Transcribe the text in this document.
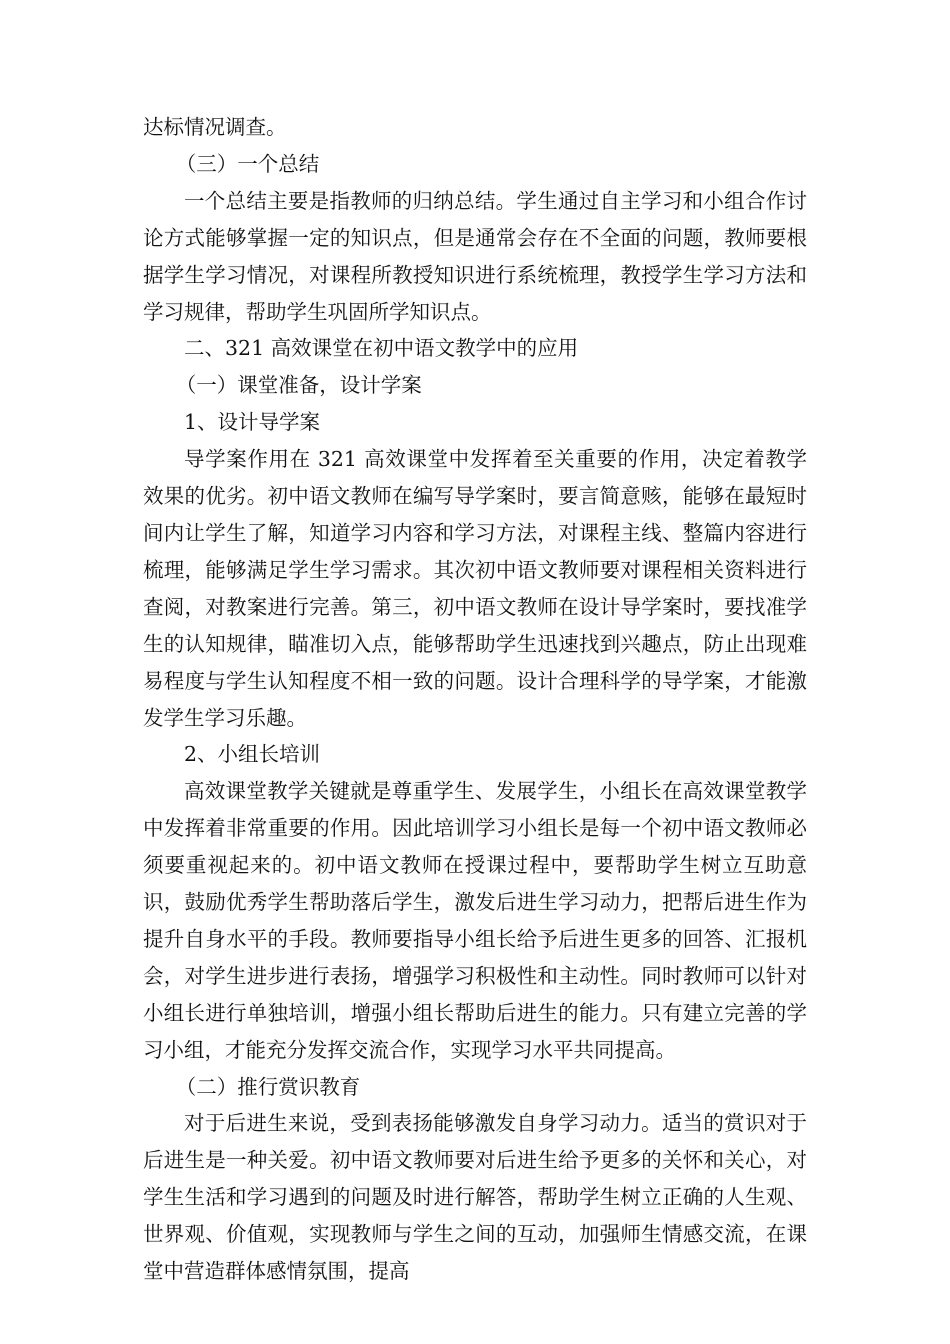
达标情况调查。

（三）一个总结

一个总结主要是指教师的归纳总结。学生通过自主学习和小组合作讨论方式能够掌握一定的知识点，但是通常会存在不全面的问题，教师要根据学生学习情况，对课程所教授知识进行系统梳理，教授学生学习方法和学习规律，帮助学生巩固所学知识点。

二、321 高效课堂在初中语文教学中的应用

（一）课堂准备，设计学案

1、设计导学案

导学案作用在 321 高效课堂中发挥着至关重要的作用，决定着教学效果的优劣。初中语文教师在编写导学案时，要言简意赅，能够在最短时间内让学生了解，知道学习内容和学习方法，对课程主线、整篇内容进行梳理，能够满足学生学习需求。其次初中语文教师要对课程相关资料进行查阅，对教案进行完善。第三，初中语文教师在设计导学案时，要找准学生的认知规律，瞄准切入点，能够帮助学生迅速找到兴趣点，防止出现难易程度与学生认知程度不相一致的问题。设计合理科学的导学案，才能激发学生学习乐趣。

2、小组长培训

高效课堂教学关键就是尊重学生、发展学生，小组长在高效课堂教学中发挥着非常重要的作用。因此培训学习小组长是每一个初中语文教师必须要重视起来的。初中语文教师在授课过程中，要帮助学生树立互助意识，鼓励优秀学生帮助落后学生，激发后进生学习动力，把帮后进生作为提升自身水平的手段。教师要指导小组长给予后进生更多的回答、汇报机会，对学生进步进行表扬，增强学习积极性和主动性。同时教师可以针对小组长进行单独培训，增强小组长帮助后进生的能力。只有建立完善的学习小组，才能充分发挥交流合作，实现学习水平共同提高。

（二）推行赏识教育

对于后进生来说，受到表扬能够激发自身学习动力。适当的赏识对于后进生是一种关爱。初中语文教师要对后进生给予更多的关怀和关心，对学生生活和学习遇到的问题及时进行解答，帮助学生树立正确的人生观、世界观、价值观，实现教师与学生之间的互动，加强师生情感交流，在课堂中营造群体感情氛围，提高
